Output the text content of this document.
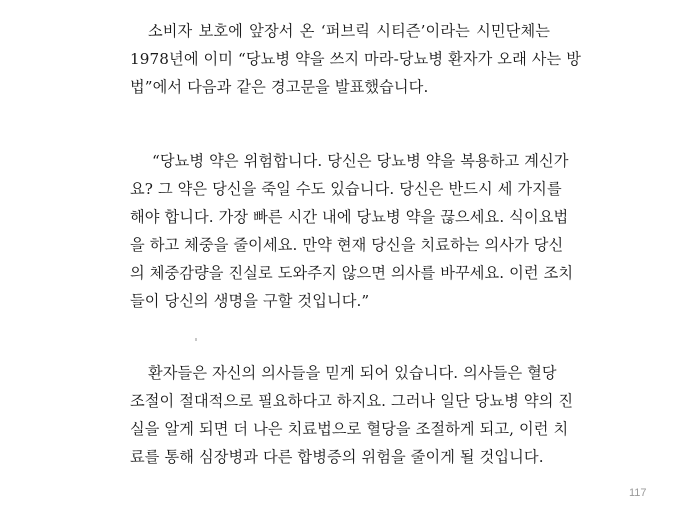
소비자 보호에 앞장서 온 ‘퍼브릭 시티즌’이라는 시민단체는
1978년에 이미 “당뇨병 약을 쓰지 마라-당뇨병 환자가 오래 사는 방
법”에서 다음과 같은 경고문을 발표했습니다.
“당뇨병 약은 위험합니다. 당신은 당뇨병 약을 복용하고 계신가
요? 그 약은 당신을 죽일 수도 있습니다. 당신은 반드시 세 가지를
해야 합니다. 가장 빠른 시간 내에 당뇨병 약을 끊으세요. 식이요법
을 하고 체중을 줄이세요. 만약 현재 당신을 치료하는 의사가 당신
의 체중감량을 진실로 도와주지 않으면 의사를 바꾸세요. 이런 조치
들이 당신의 생명을 구할 것입니다.”
환자들은 자신의 의사들을 믿게 되어 있습니다. 의사들은 혈당
조절이 절대적으로 필요하다고 하지요. 그러나 일단 당뇨병 약의 진
실을 알게 되면 더 나은 치료법으로 혈당을 조절하게 되고, 이런 치
료를 통해 심장병과 다른 합병증의 위험을 줄이게 될 것입니다.
117
